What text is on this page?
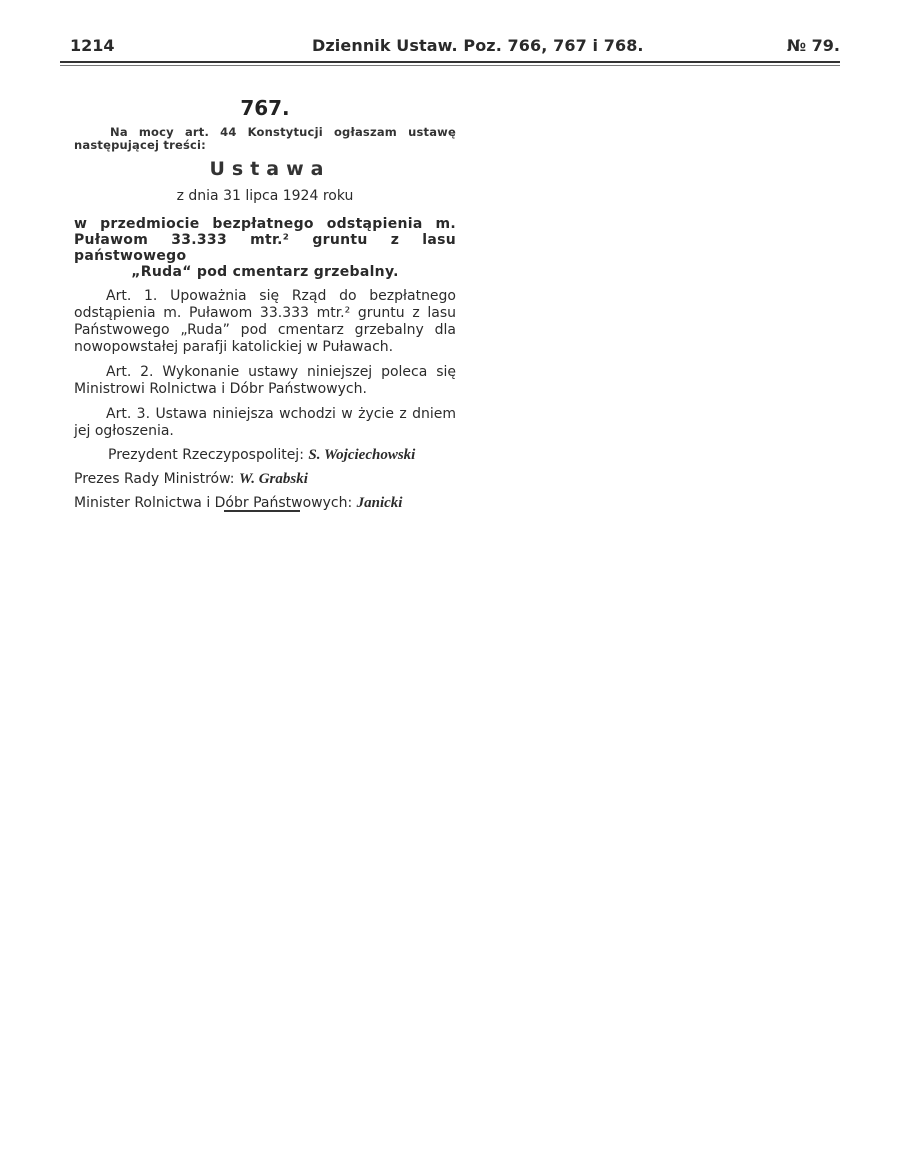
1214	Dziennik Ustaw. Poz. 766, 767 i 768.	№ 79.
767.

Na mocy art. 44 Konstytucji ogłaszam ustawę następującej treści:

Ustawa
z dnia 31 lipca 1924 roku
w przedmiocie bezpłatnego odstąpienia m. Puławom 33.333 mtr.² gruntu z lasu państwowego
„Ruda“ pod cmentarz grzebalny.

Art. 1. Upoważnia się Rząd do bezpłatnego odstąpienia m. Puławom 33.333 mtr.² gruntu z lasu Państwowego „Ruda” pod cmentarz grzebalny dla nowopowstałej parafji katolickiej w Puławach.

Art. 2. Wykonanie ustawy niniejszej poleca się Ministrowi Rolnictwa i Dóbr Państwowych.

Art. 3. Ustawa niniejsza wchodzi w życie z dniem jej ogłoszenia.

Prezydent Rzeczypospolitej: S. Wojciechowski
Prezes Rady Ministrów: W. Grabski
Minister Rolnictwa i Dóbr Państwowych: Janicki
